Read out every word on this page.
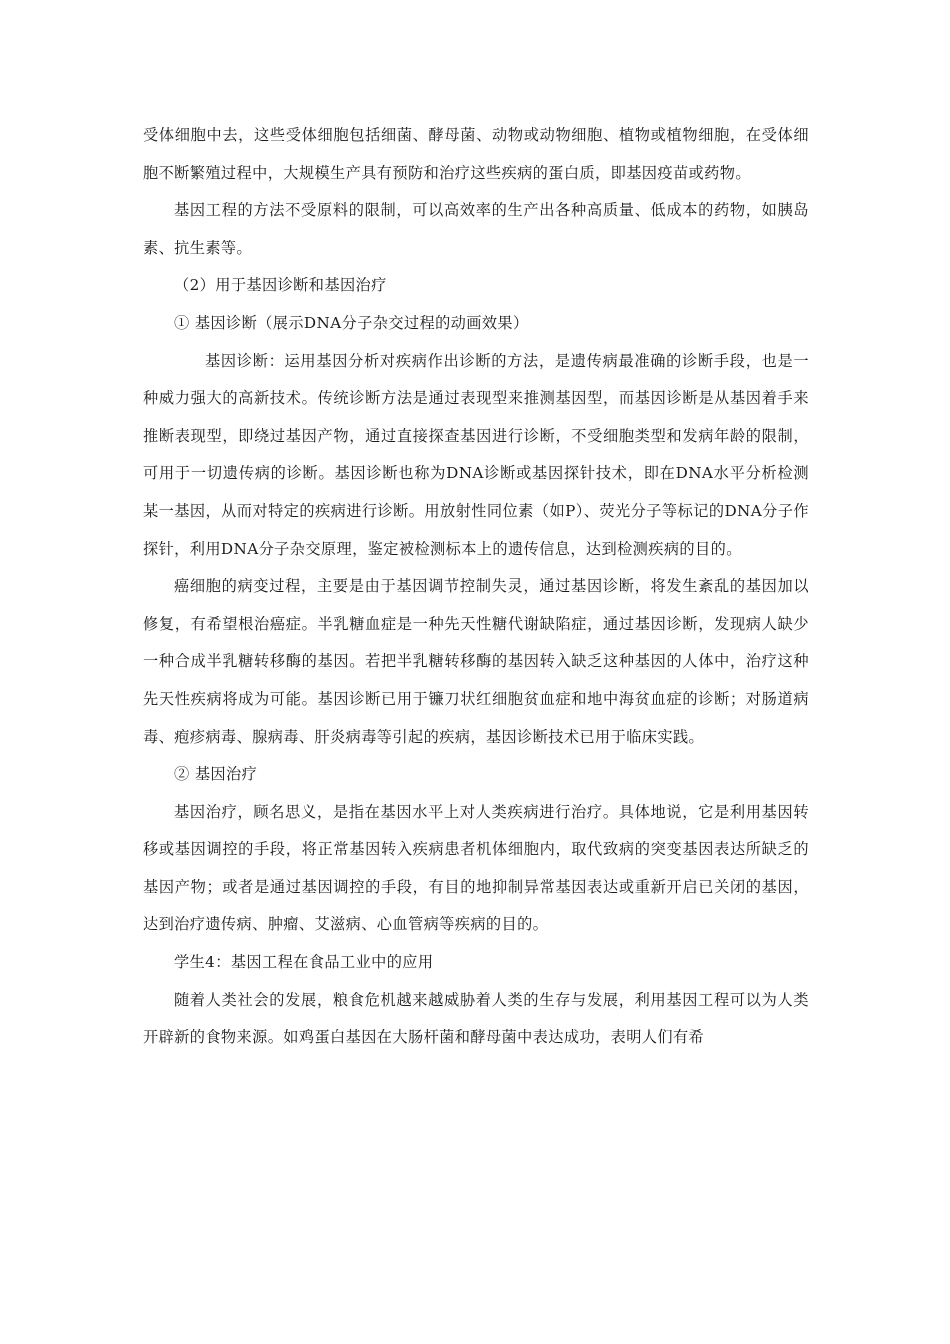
受体细胞中去，这些受体细胞包括细菌、酵母菌、动物或动物细胞、植物或植物细胞，在受体细胞不断繁殖过程中，大规模生产具有预防和治疗这些疾病的蛋白质，即基因疫苗或药物。

基因工程的方法不受原料的限制，可以高效率的生产出各种高质量、低成本的药物，如胰岛素、抗生素等。

（2）用于基因诊断和基因治疗

① 基因诊断（展示DNA分子杂交过程的动画效果）

基因诊断：运用基因分析对疾病作出诊断的方法，是遗传病最准确的诊断手段，也是一种威力强大的高新技术。传统诊断方法是通过表现型来推测基因型，而基因诊断是从基因着手来推断表现型，即绕过基因产物，通过直接探查基因进行诊断，不受细胞类型和发病年龄的限制，可用于一切遗传病的诊断。基因诊断也称为DNA诊断或基因探针技术，即在DNA水平分析检测某一基因，从而对特定的疾病进行诊断。用放射性同位素（如P）、荧光分子等标记的DNA分子作探针，利用DNA分子杂交原理，鉴定被检测标本上的遗传信息，达到检测疾病的目的。

癌细胞的病变过程，主要是由于基因调节控制失灵，通过基因诊断，将发生紊乱的基因加以修复，有希望根治癌症。半乳糖血症是一种先天性糖代谢缺陷症，通过基因诊断，发现病人缺少一种合成半乳糖转移酶的基因。若把半乳糖转移酶的基因转入缺乏这种基因的人体中，治疗这种先天性疾病将成为可能。基因诊断已用于镰刀状红细胞贫血症和地中海贫血症的诊断；对肠道病毒、疱疹病毒、腺病毒、肝炎病毒等引起的疾病，基因诊断技术已用于临床实践。

② 基因治疗

基因治疗，顾名思义，是指在基因水平上对人类疾病进行治疗。具体地说，它是利用基因转移或基因调控的手段，将正常基因转入疾病患者机体细胞内，取代致病的突变基因表达所缺乏的基因产物；或者是通过基因调控的手段，有目的地抑制异常基因表达或重新开启已关闭的基因，达到治疗遗传病、肿瘤、艾滋病、心血管病等疾病的目的。

学生4：基因工程在食品工业中的应用

随着人类社会的发展，粮食危机越来越威胁着人类的生存与发展，利用基因工程可以为人类开辟新的食物来源。如鸡蛋白基因在大肠杆菌和酵母菌中表达成功，表明人们有希
